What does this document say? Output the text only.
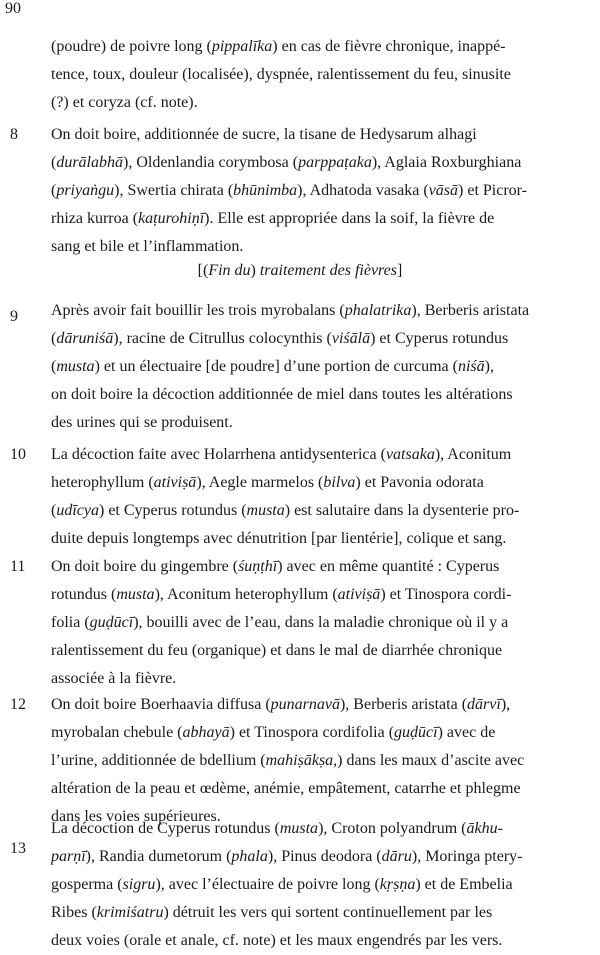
90
(poudre) de poivre long (pippalīka) en cas de fièvre chronique, inappé-
tence, toux, douleur (localisée), dyspnée, ralentissement du feu, sinusite
(?) et coryza (cf. note).
8 On doit boire, additionnée de sucre, la tisane de Hedysarum alhagi
(durālabhā), Oldenlandia corymbosa (parppaṭaka), Aglaia Roxburghiana
(priyaṅgu), Swertia chirata (bhūnimba), Adhatoda vasaka (vāsā) et Picror-
rhiza kurroa (kaṭurohiṇī). Elle est appropriée dans la soif, la fièvre de
sang et bile et l’inflammation.
[(Fin du) traitement des fièvres]
9 Après avoir fait bouillir les trois myrobalans (phalatrika), Berberis aristata
(dāruniśā), racine de Citrullus colocynthis (viśālā) et Cyperus rotundus
(musta) et un électuaire [de poudre] d’une portion de curcuma (niśā),
on doit boire la décoction additionnée de miel dans toutes les altérations
des urines qui se produisent.
10 La décoction faite avec Holarrhena antidysenterica (vatsaka), Aconitum
heterophyllum (ativiṣā), Aegle marmelos (bilva) et Pavonia odorata
(udīcya) et Cyperus rotundus (musta) est salutaire dans la dysenterie pro-
duite depuis longtemps avec dénutrition [par lientérie], colique et sang.
11 On doit boire du gingembre (śuṇṭhī) avec en même quantité : Cyperus
rotundus (musta), Aconitum heterophyllum (ativiṣā) et Tinospora cordi-
folia (guḍūcī), bouilli avec de l’eau, dans la maladie chronique où il y a
ralentissement du feu (organique) et dans le mal de diarrhée chronique
associée à la fièvre.
12 On doit boire Boerhaavia diffusa (punarnavā), Berberis aristata (dārvī),
myrobalan chebule (abhayā) et Tinospora cordifolia (guḍūcī) avec de
l’urine, additionnée de bdellium (mahiṣākṣa,) dans les maux d’ascite avec
altération de la peau et œdème, anémie, empâtement, catarrhe et phlegme
dans les voies supérieures.
13
La décoction de Cyperus rotundus (musta), Croton polyandrum (ākhu-
parṇī), Randia dumetorum (phala), Pinus deodora (dāru), Moringa ptery-
gosperma (sigru), avec l’électuaire de poivre long (kṛṣṇa) et de Embelia
Ribes (krimiśatru) détruit les vers qui sortent continuellement par les
deux voies (orale et anale, cf. note) et les maux engendrés par les vers.
